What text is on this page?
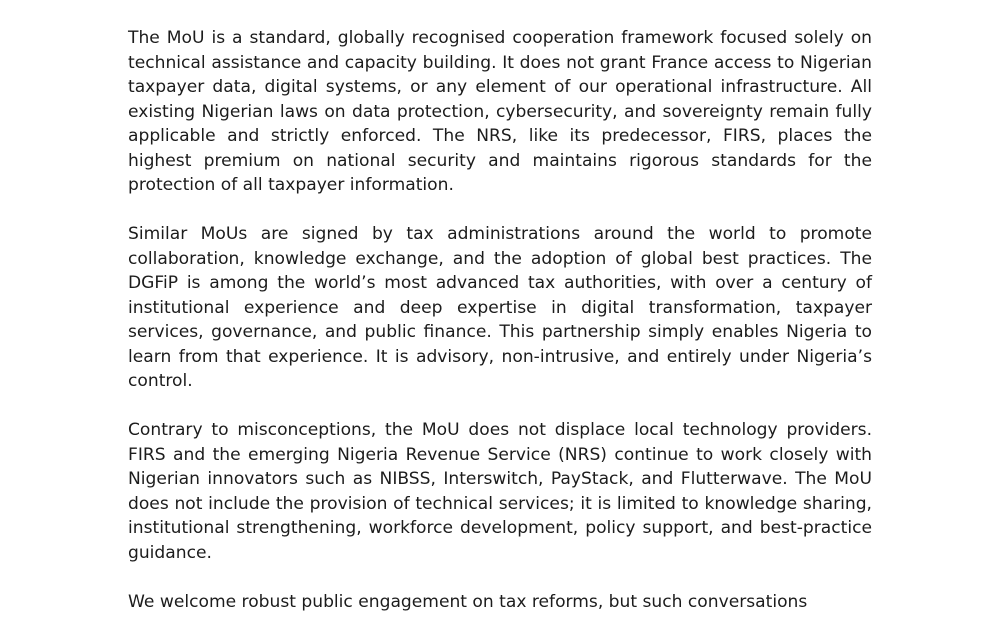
The MoU is a standard, globally recognised cooperation framework focused solely on technical assistance and capacity building. It does not grant France access to Nigerian taxpayer data, digital systems, or any element of our operational infrastructure. All existing Nigerian laws on data protection, cybersecurity, and sovereignty remain fully applicable and strictly enforced. The NRS, like its predecessor, FIRS, places the highest premium on national security and maintains rigorous standards for the protection of all taxpayer information.

Similar MoUs are signed by tax administrations around the world to promote collaboration, knowledge exchange, and the adoption of global best practices. The DGFiP is among the world’s most advanced tax authorities, with over a century of institutional experience and deep expertise in digital transformation, taxpayer services, governance, and public finance. This partnership simply enables Nigeria to learn from that experience. It is advisory, non-intrusive, and entirely under Nigeria’s control.

Contrary to misconceptions, the MoU does not displace local technology providers. FIRS and the emerging Nigeria Revenue Service (NRS) continue to work closely with Nigerian innovators such as NIBSS, Interswitch, PayStack, and Flutterwave. The MoU does not include the provision of technical services; it is limited to knowledge sharing, institutional strengthening, workforce development, policy support, and best-practice guidance.

We welcome robust public engagement on tax reforms, but such conversations
